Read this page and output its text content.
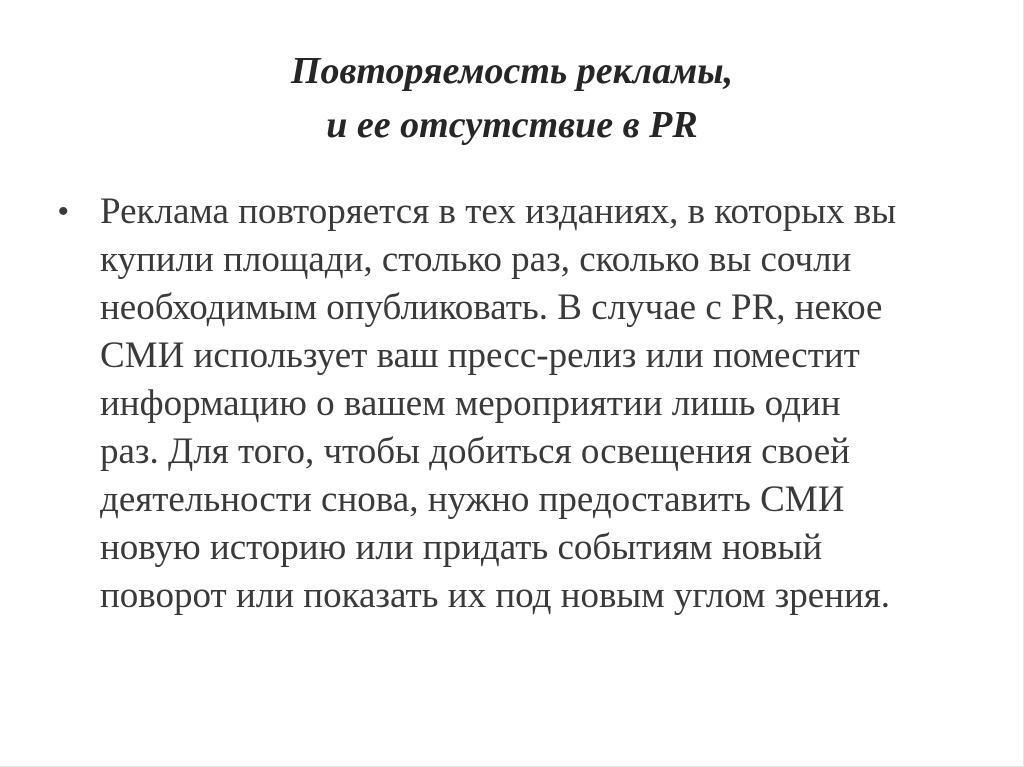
Повторяемость рекламы,
и ее отсутствие в PR
• Реклама повторяется в тех изданиях, в которых вы
купили площади, столько раз, сколько вы сочли
необходимым опубликовать. В случае с PR, некое
СМИ использует ваш пресс-релиз или поместит
информацию о вашем мероприятии лишь один
раз. Для того, чтобы добиться освещения своей
деятельности снова, нужно предоставить СМИ
новую историю или придать событиям новый
поворот или показать их под новым углом зрения.
